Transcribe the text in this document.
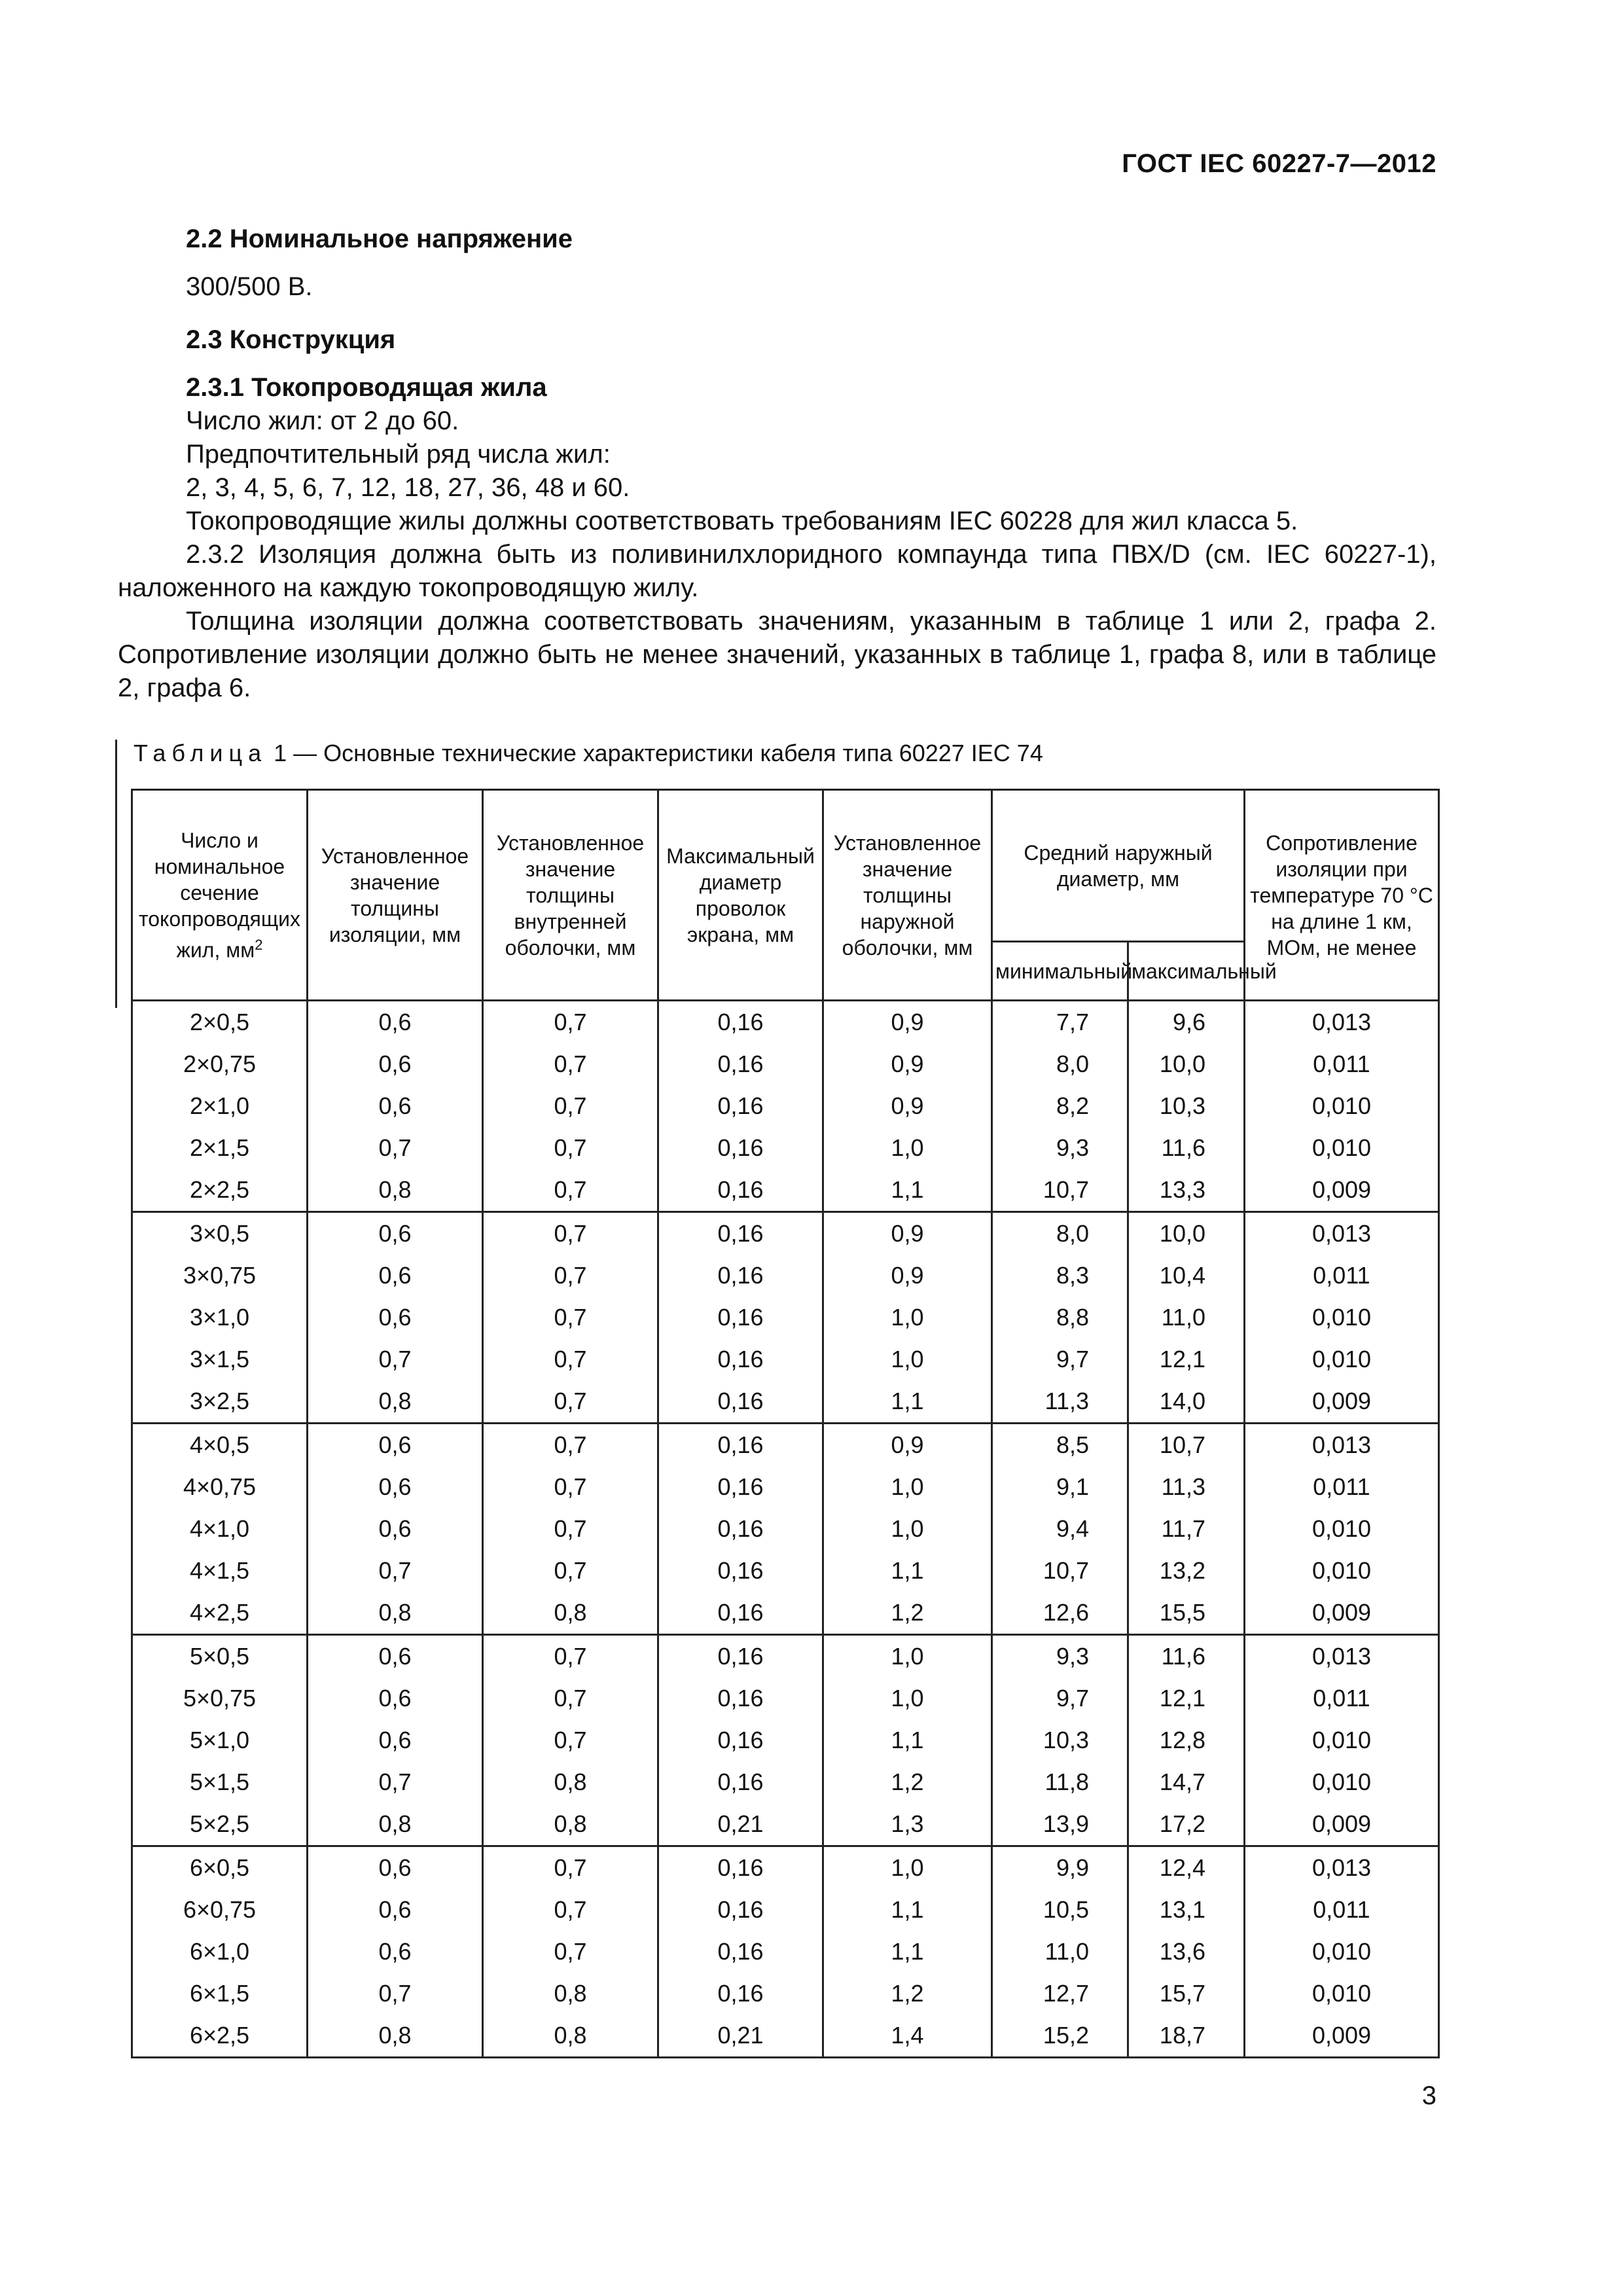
ГОСТ IEC 60227-7—2012
2.2 Номинальное напряжение
300/500 В.
2.3 Конструкция
2.3.1 Токопроводящая жила
Число жил: от 2 до 60.
Предпочтительный ряд числа жил:
2, 3, 4, 5, 6, 7, 12, 18, 27, 36, 48 и 60.
Токопроводящие жилы должны соответствовать требованиям IEC 60228 для жил класса 5.
2.3.2 Изоляция должна быть из поливинилхлоридного компаунда типа ПВХ/D (см. IEC 60227-1), наложенного на каждую токопроводящую жилу.
Толщина изоляции должна соответствовать значениям, указанным в таблице 1 или 2, графа 2. Сопротивление изоляции должно быть не менее значений, указанных в таблице 1, графа 8, или в таблице 2, графа 6.
Таблица 1 — Основные технические характеристики кабеля типа 60227 IEC 74
Число и номинальное сечение токопроводящих жил, $мм^2$	Установленное значение толщины изоляции, мм	Установленное значение толщины внутренней оболочки, мм	Максимальный диаметр проволок экрана, мм	Установленное значение толщины наружной оболочки, мм	Средний наружный диаметр, мм		Сопротивление изоляции при температуре 70 °С на длине 1 км, МОм, не менее
					минимальный	максимальный	
2×0,5	0,6	0,7	0,16	0,9	7,7	9,6	0,013
2×0,75	0,6	0,7	0,16	0,9	8,0	10,0	0,011
2×1,0	0,6	0,7	0,16	0,9	8,2	10,3	0,010
2×1,5	0,7	0,7	0,16	1,0	9,3	11,6	0,010
2×2,5	0,8	0,7	0,16	1,1	10,7	13,3	0,009
3×0,5	0,6	0,7	0,16	0,9	8,0	10,0	0,013
3×0,75	0,6	0,7	0,16	0,9	8,3	10,4	0,011
3×1,0	0,6	0,7	0,16	1,0	8,8	11,0	0,010
3×1,5	0,7	0,7	0,16	1,0	9,7	12,1	0,010
3×2,5	0,8	0,7	0,16	1,1	11,3	14,0	0,009
4×0,5	0,6	0,7	0,16	0,9	8,5	10,7	0,013
4×0,75	0,6	0,7	0,16	1,0	9,1	11,3	0,011
4×1,0	0,6	0,7	0,16	1,0	9,4	11,7	0,010
4×1,5	0,7	0,7	0,16	1,1	10,7	13,2	0,010
4×2,5	0,8	0,8	0,16	1,2	12,6	15,5	0,009
5×0,5	0,6	0,7	0,16	1,0	9,3	11,6	0,013
5×0,75	0,6	0,7	0,16	1,0	9,7	12,1	0,011
5×1,0	0,6	0,7	0,16	1,1	10,3	12,8	0,010
5×1,5	0,7	0,8	0,16	1,2	11,8	14,7	0,010
5×2,5	0,8	0,8	0,21	1,3	13,9	17,2	0,009
6×0,5	0,6	0,7	0,16	1,0	9,9	12,4	0,013
6×0,75	0,6	0,7	0,16	1,1	10,5	13,1	0,011
6×1,0	0,6	0,7	0,16	1,1	11,0	13,6	0,010
6×1,5	0,7	0,8	0,16	1,2	12,7	15,7	0,010
6×2,5	0,8	0,8	0,21	1,4	15,2	18,7	0,009
3
